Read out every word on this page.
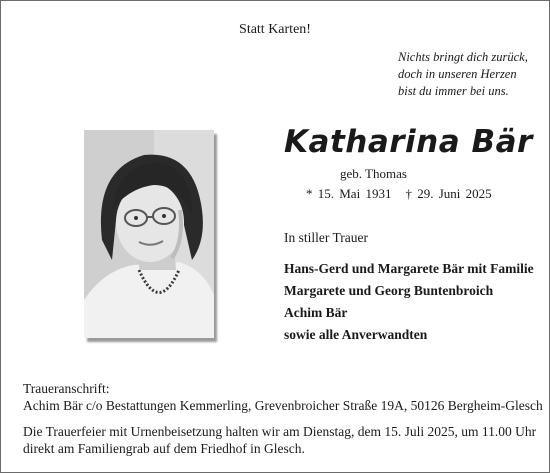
Statt Karten!
Nichts bringt dich zurück,
doch in unseren Herzen
bist du immer bei uns.
Katharina Bär
geb. Thomas
* 15. Mai 1931 † 29. Juni 2025
In stiller Trauer
Hans-Gerd und Margarete Bär mit Familie
Margarete und Georg Buntenbroich
Achim Bär
sowie alle Anverwandten
Traueranschrift:
Achim Bär c/o Bestattungen Kemmerling, Grevenbroicher Straße 19A, 50126 Bergheim-Glesch
Die Trauerfeier mit Urnenbeisetzung halten wir am Dienstag, dem 15. Juli 2025, um 11.00 Uhr
direkt am Familiengrab auf dem Friedhof in Glesch.
